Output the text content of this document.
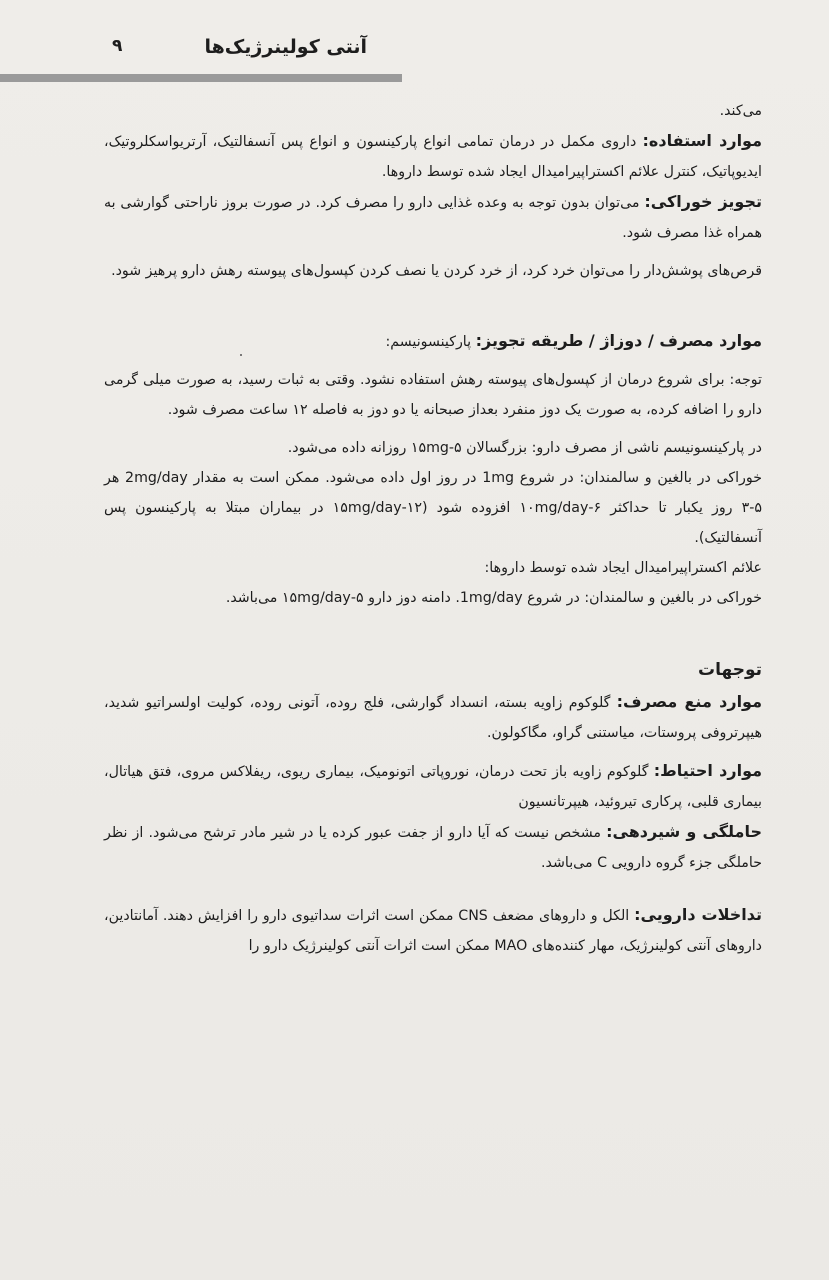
آنتی کولینرژیک‌ها
۹

می‌کند.

موارد استفاده: داروی مکمل در درمان تمامی انواع پارکینسون و انواع پس آنسفالتیک، آرتریواسکلروتیک، ایدیوپاتیک، کنترل علائم اکستراپیرامیدال ایجاد شده توسط داروها.

تجویز خوراکی: می‌توان بدون توجه به وعده غذایی دارو را مصرف کرد. در صورت بروز ناراحتی گوارشی به همراه غذا مصرف شود.

قرص‌های پوشش‌دار را می‌توان خرد کرد، از خرد کردن یا نصف کردن کپسول‌های پیوسته رهش دارو پرهیز شود.

موارد مصرف / دوزاژ / طریقه تجویز: پارکینسونیسم:

توجه: برای شروع درمان از کپسول‌های پیوسته رهش استفاده نشود. وقتی به ثبات رسید، به صورت میلی گرمی دارو را اضافه کرده، به صورت یک دوز منفرد بعداز صبحانه یا دو دوز به فاصله ۱۲ ساعت مصرف شود.

در پارکینسونیسم ناشی از مصرف دارو: بزرگسالان ۵-۱۵mg روزانه داده می‌شود.

خوراکی در بالغین و سالمندان: در شروع 1mg در روز اول داده می‌شود. ممکن است به مقدار 2mg/day هر ۵-۳ روز یکبار تا حداکثر ۶-۱۰mg/day افزوده شود (۱۲-۱۵mg/day در بیماران مبتلا به پارکینسون پس آنسفالتیک).

علائم اکستراپیرامیدال ایجاد شده توسط داروها:

خوراکی در بالغین و سالمندان: در شروع 1mg/day. دامنه دوز دارو ۵-۱۵mg/day می‌باشد.

توجهات

موارد منع مصرف: گلوکوم زاویه بسته، انسداد گوارشی، فلج روده، آتونی روده، کولیت اولسراتیو شدید، هیپرتروفی پروستات، میاستنی گراو، مگاکولون.

موارد احتیاط: گلوکوم زاویه باز تحت درمان، نوروپاتی اتونومیک، بیماری ریوی، ریفلاکس مروی، فتق هیاتال، بیماری قلبی، پرکاری تیروئید، هیپرتانسیون

حاملگی و شیردهی: مشخص نیست که آیا دارو از جفت عبور کرده یا در شیر مادر ترشح می‌شود. از نظر حاملگی جزء گروه دارویی C می‌باشد.

تداخلات دارویی: الکل و داروهای مضعف CNS ممکن است اثرات سداتیوی دارو را افزایش دهند. آمانتادین، داروهای آنتی کولینرژیک، مهار کننده‌های MAO ممکن است اثرات آنتی کولینرژیک دارو را
